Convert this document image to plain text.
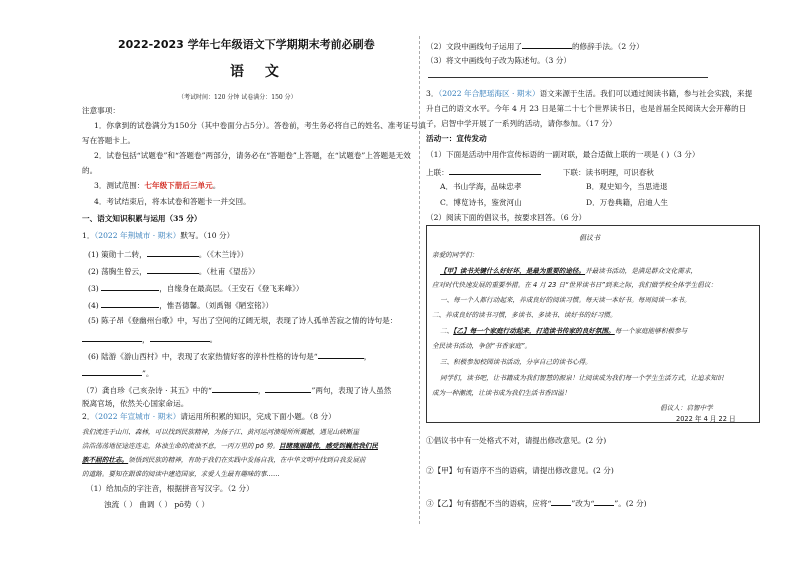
2022-2023 学年七年级语文下学期期末考前必刷卷
语 文
（考试时间：120 分钟 试卷满分：150 分）
注意事项：
1．你拿到的试卷满分为150分（其中卷面分占5分）。答卷前，考生务必将自己的姓名、准考证号填
写在答题卡上。
2．试卷包括“试题卷”和“答题卷”两部分，请务必在“答题卷”上答题，在“试题卷”上答题是无效
的。
3．测试范围：七年级下册后三单元。
4．考试结束后，将本试卷和答题卡一并交回。
一、语文知识积累与运用（35 分）
1．（2022 年荆城市 · 期末）默写。（10 分）
(1) 策勋十二转，	。（《木兰诗》）
(2) 荡胸生曾云，	。（杜甫《望岳》）
(3)	，自缘身在最高层。（王安石《登飞来峰》）
(4)	，惟吾德馨。（刘禹锡《陋室铭》）
(5) 陈子昂《登幽州台歌》中，写出了空间的辽阔无垠，表现了诗人孤单苦寂之情的诗句是：
，	。
(6) 陆游《游山西村》中，表现了农家热情好客的淳朴性格的诗句是“	，
”。
（7）龚自珍《己亥杂诗 · 其五》中的“	，	”两句，表现了诗人虽然
脱离官场，依然关心国家命运。
2．（2022 年宣城市 · 期末）请运用所积累的知识，完成下面小题。（8 分）
我们流连于山川、森林，可以找到民族精神，为扬子江、黄河运河溃堤所所震撼，遇见山峡断崖
浩浩荡荡地征途连连走，体浊生命的流浊不息，一丙万里的 pō 势。目睹瑰丽雄伟，感受到巍然我们民
族不屈的壮志。领悟到民族的精神，有助于我们在实践中发扬自我，在中华文明中找到自我发展前
的道路。要知在跟谁的阅读中建造国家，求爱人生最有趣味的事……
（1）给加点的字注音，根据拼音写汉字。（2 分）
浊流（ ） 曲调（ ） pō势（ ）
（2）文段中画线句子运用了	的修辞手法。（2 分）
（3）将文中画线句子改为陈述句。（3 分）
3．（2022 年合肥瑶海区 · 期末）语文来源于生活。我们可以通过阅读书籍，参与社会实践，来提
升自己的语文水平。今年 4 月 23 日是第二十七个世界读书日，也是首届全民阅读大会开幕的日
子，启智中学开展了一系列的活动，请你参加。（17 分）
活动一：宣传发动
（1）下面是活动中用作宣传标语的一副对联，最合适做上联的一项是 ( )（3 分）
上联：	下联：读书明理，可识春秋
A．书山学海，品味忠孝	B．观史知今，当思进退
C．博览诗书，鉴赏河山	D．万卷典籍，启迪人生
（2）阅读下面的倡议书，按要求回答。（6 分）
倡议书
亲爱的同学们：
【甲】读书关键什么好好坏，是最为重要的途径。并最读书活动，是满足群众文化需求，
应对时代快速发展的重要举措。在 4 月 23 日“世界读书日”到来之际，我们做学校全体学生倡议：
一、每一个人都行动起来，养成良好的阅读习惯。每天读一本好书。每周阅读一本书。
二、养成良好的读书习惯，多读书、多读书、读好书的好习惯。
二、【乙】每一个家庭行动起来，打造读书传家的良好氛围。每一个家庭能够积极参与
全民读书活动，争创“书香家庭”。
三、积极参加校园读书活动，分享自己的读书心得。
同学们，读书吧，让书籍成为我们智慧的源泉！让阅读成为我们每一个学生生活方式，让追求知识
成为一种潮流，让读书成为我们生活书香四溢！
倡议人：启智中学
2022 年 4 月 22 日
①倡议书中有一处格式不对，请提出修改意见。(2 分)
②【甲】句有语序不当的语病，请提出修改意见。(2 分)
③【乙】句有搭配不当的语病，应将“	”改为“	”。(2 分)
